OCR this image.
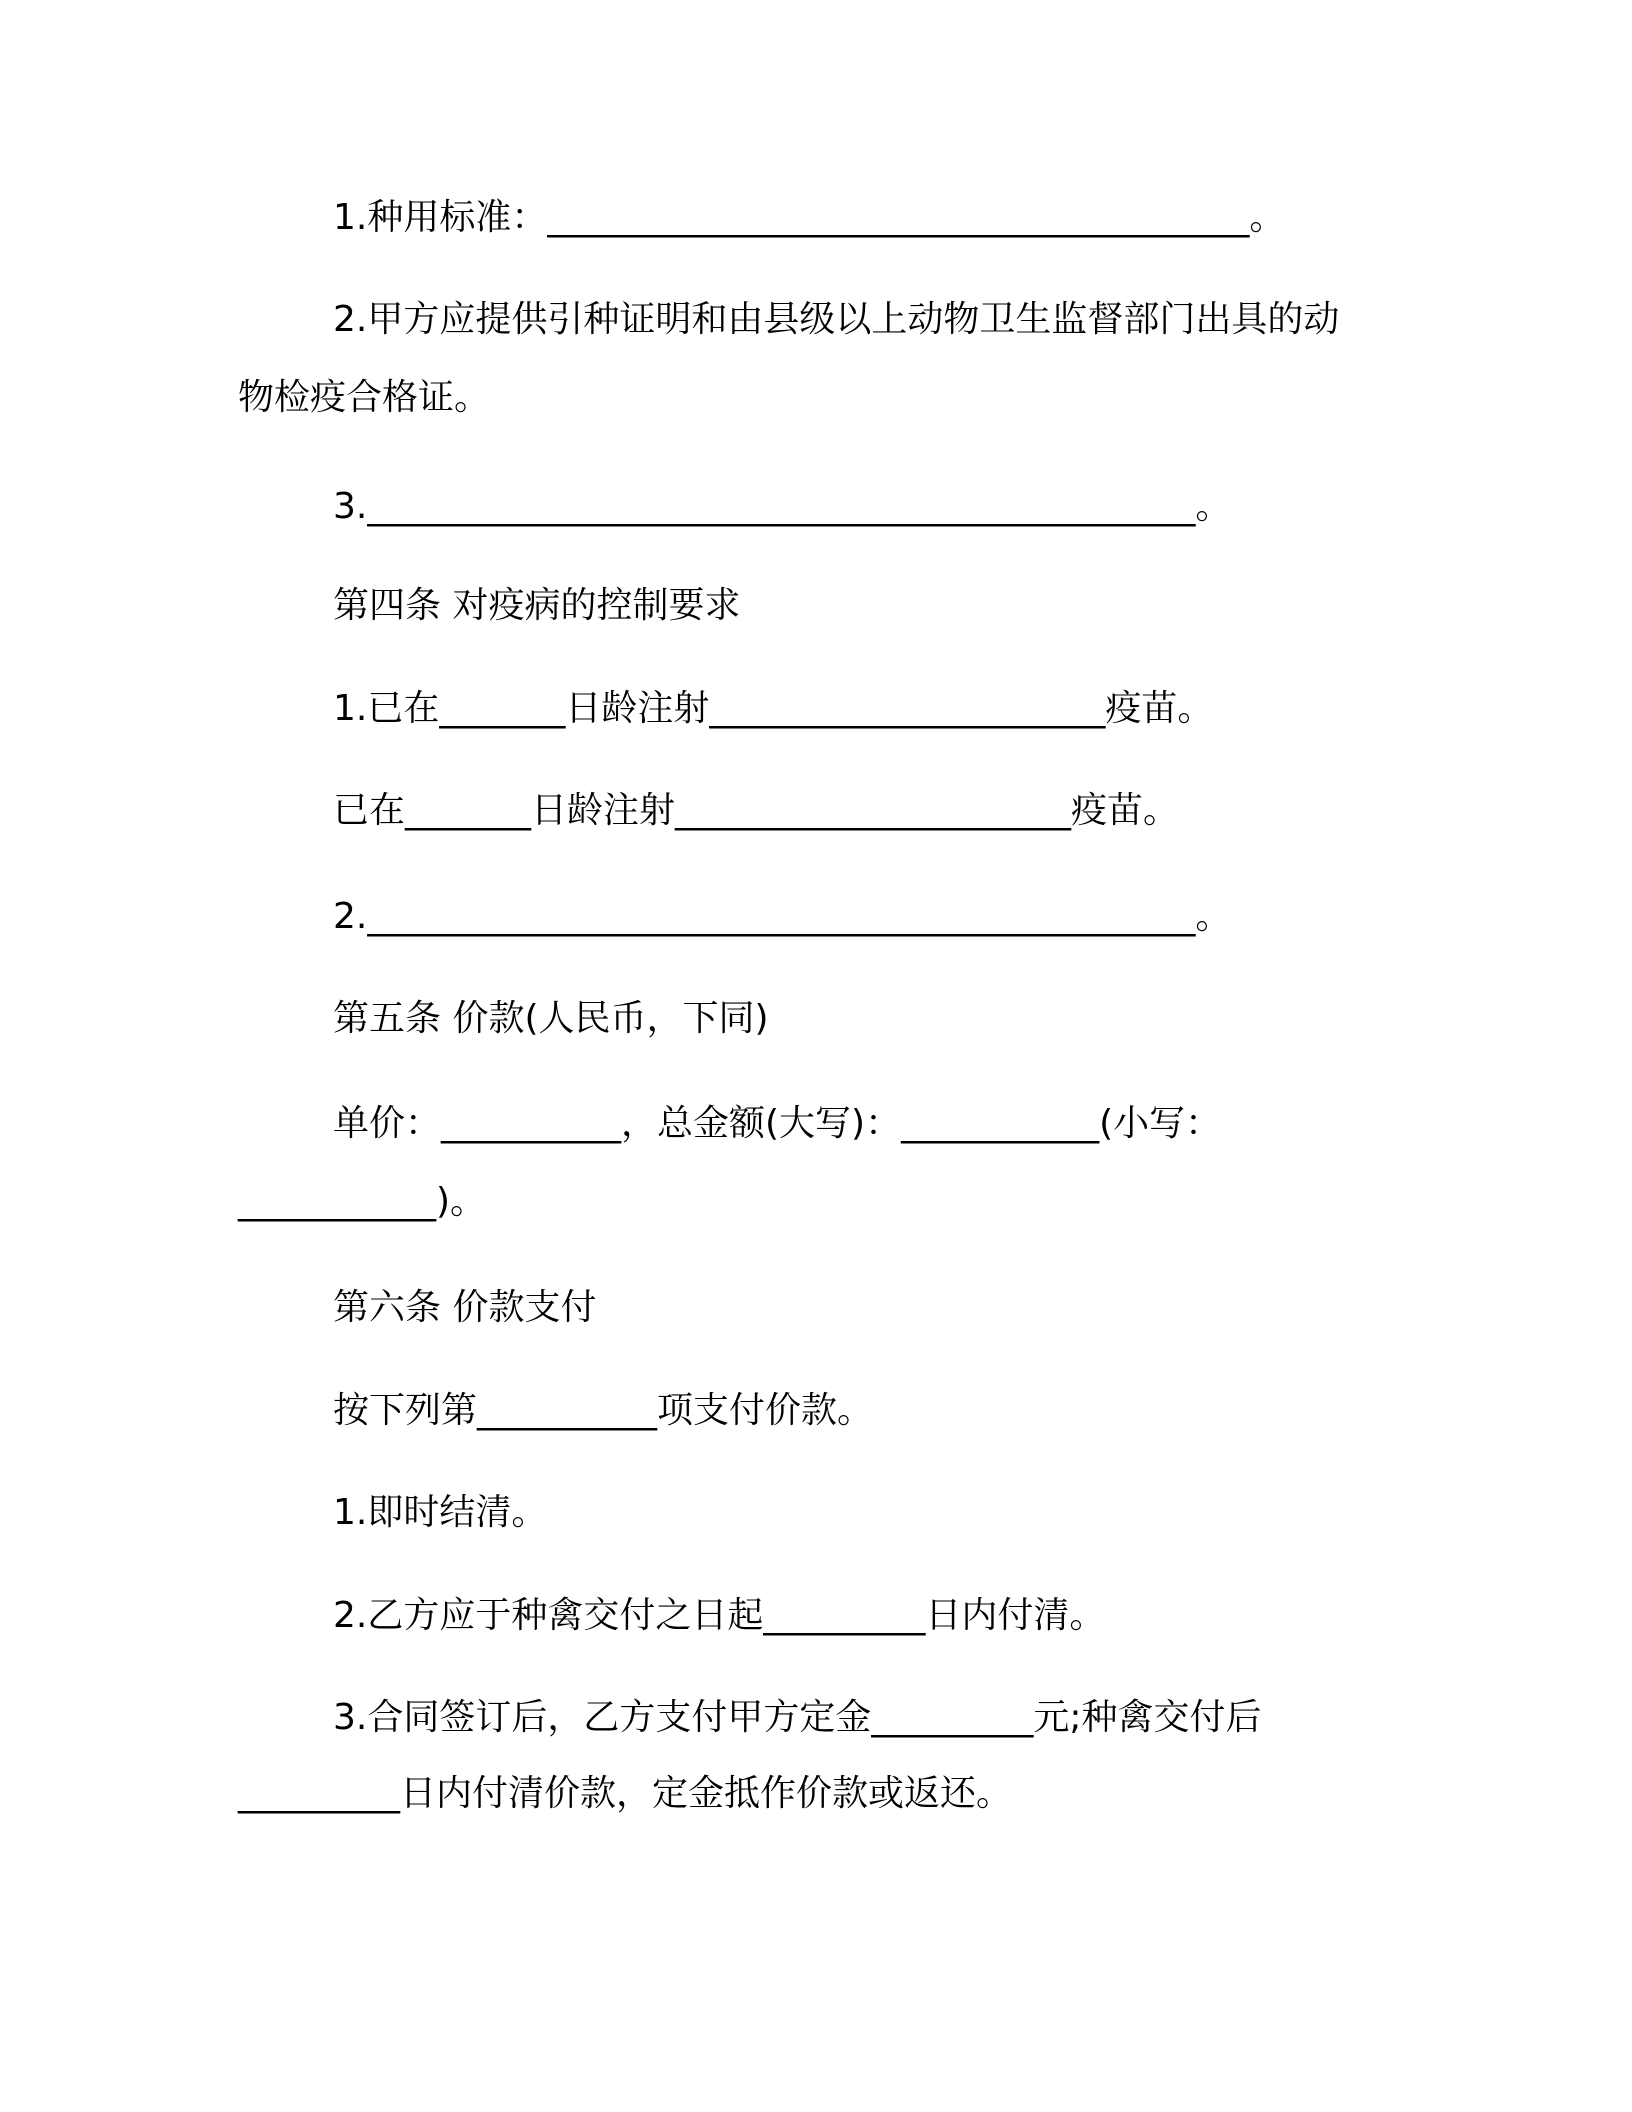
1.种用标准：_______________________________________。
2.甲方应提供引种证明和由县级以上动物卫生监督部门出具的动
物检疫合格证。
3.______________________________________________。
第四条 对疫病的控制要求
1.已在_______日龄注射______________________疫苗。
已在_______日龄注射______________________疫苗。
2.______________________________________________。
第五条 价款(人民币，下同)
单价：__________，总金额(大写)：___________(小写：
___________)。
第六条 价款支付
按下列第__________项支付价款。
1.即时结清。
2.乙方应于种禽交付之日起_________日内付清。
3.合同签订后，乙方支付甲方定金_________元;种禽交付后
_________日内付清价款，定金抵作价款或返还。
